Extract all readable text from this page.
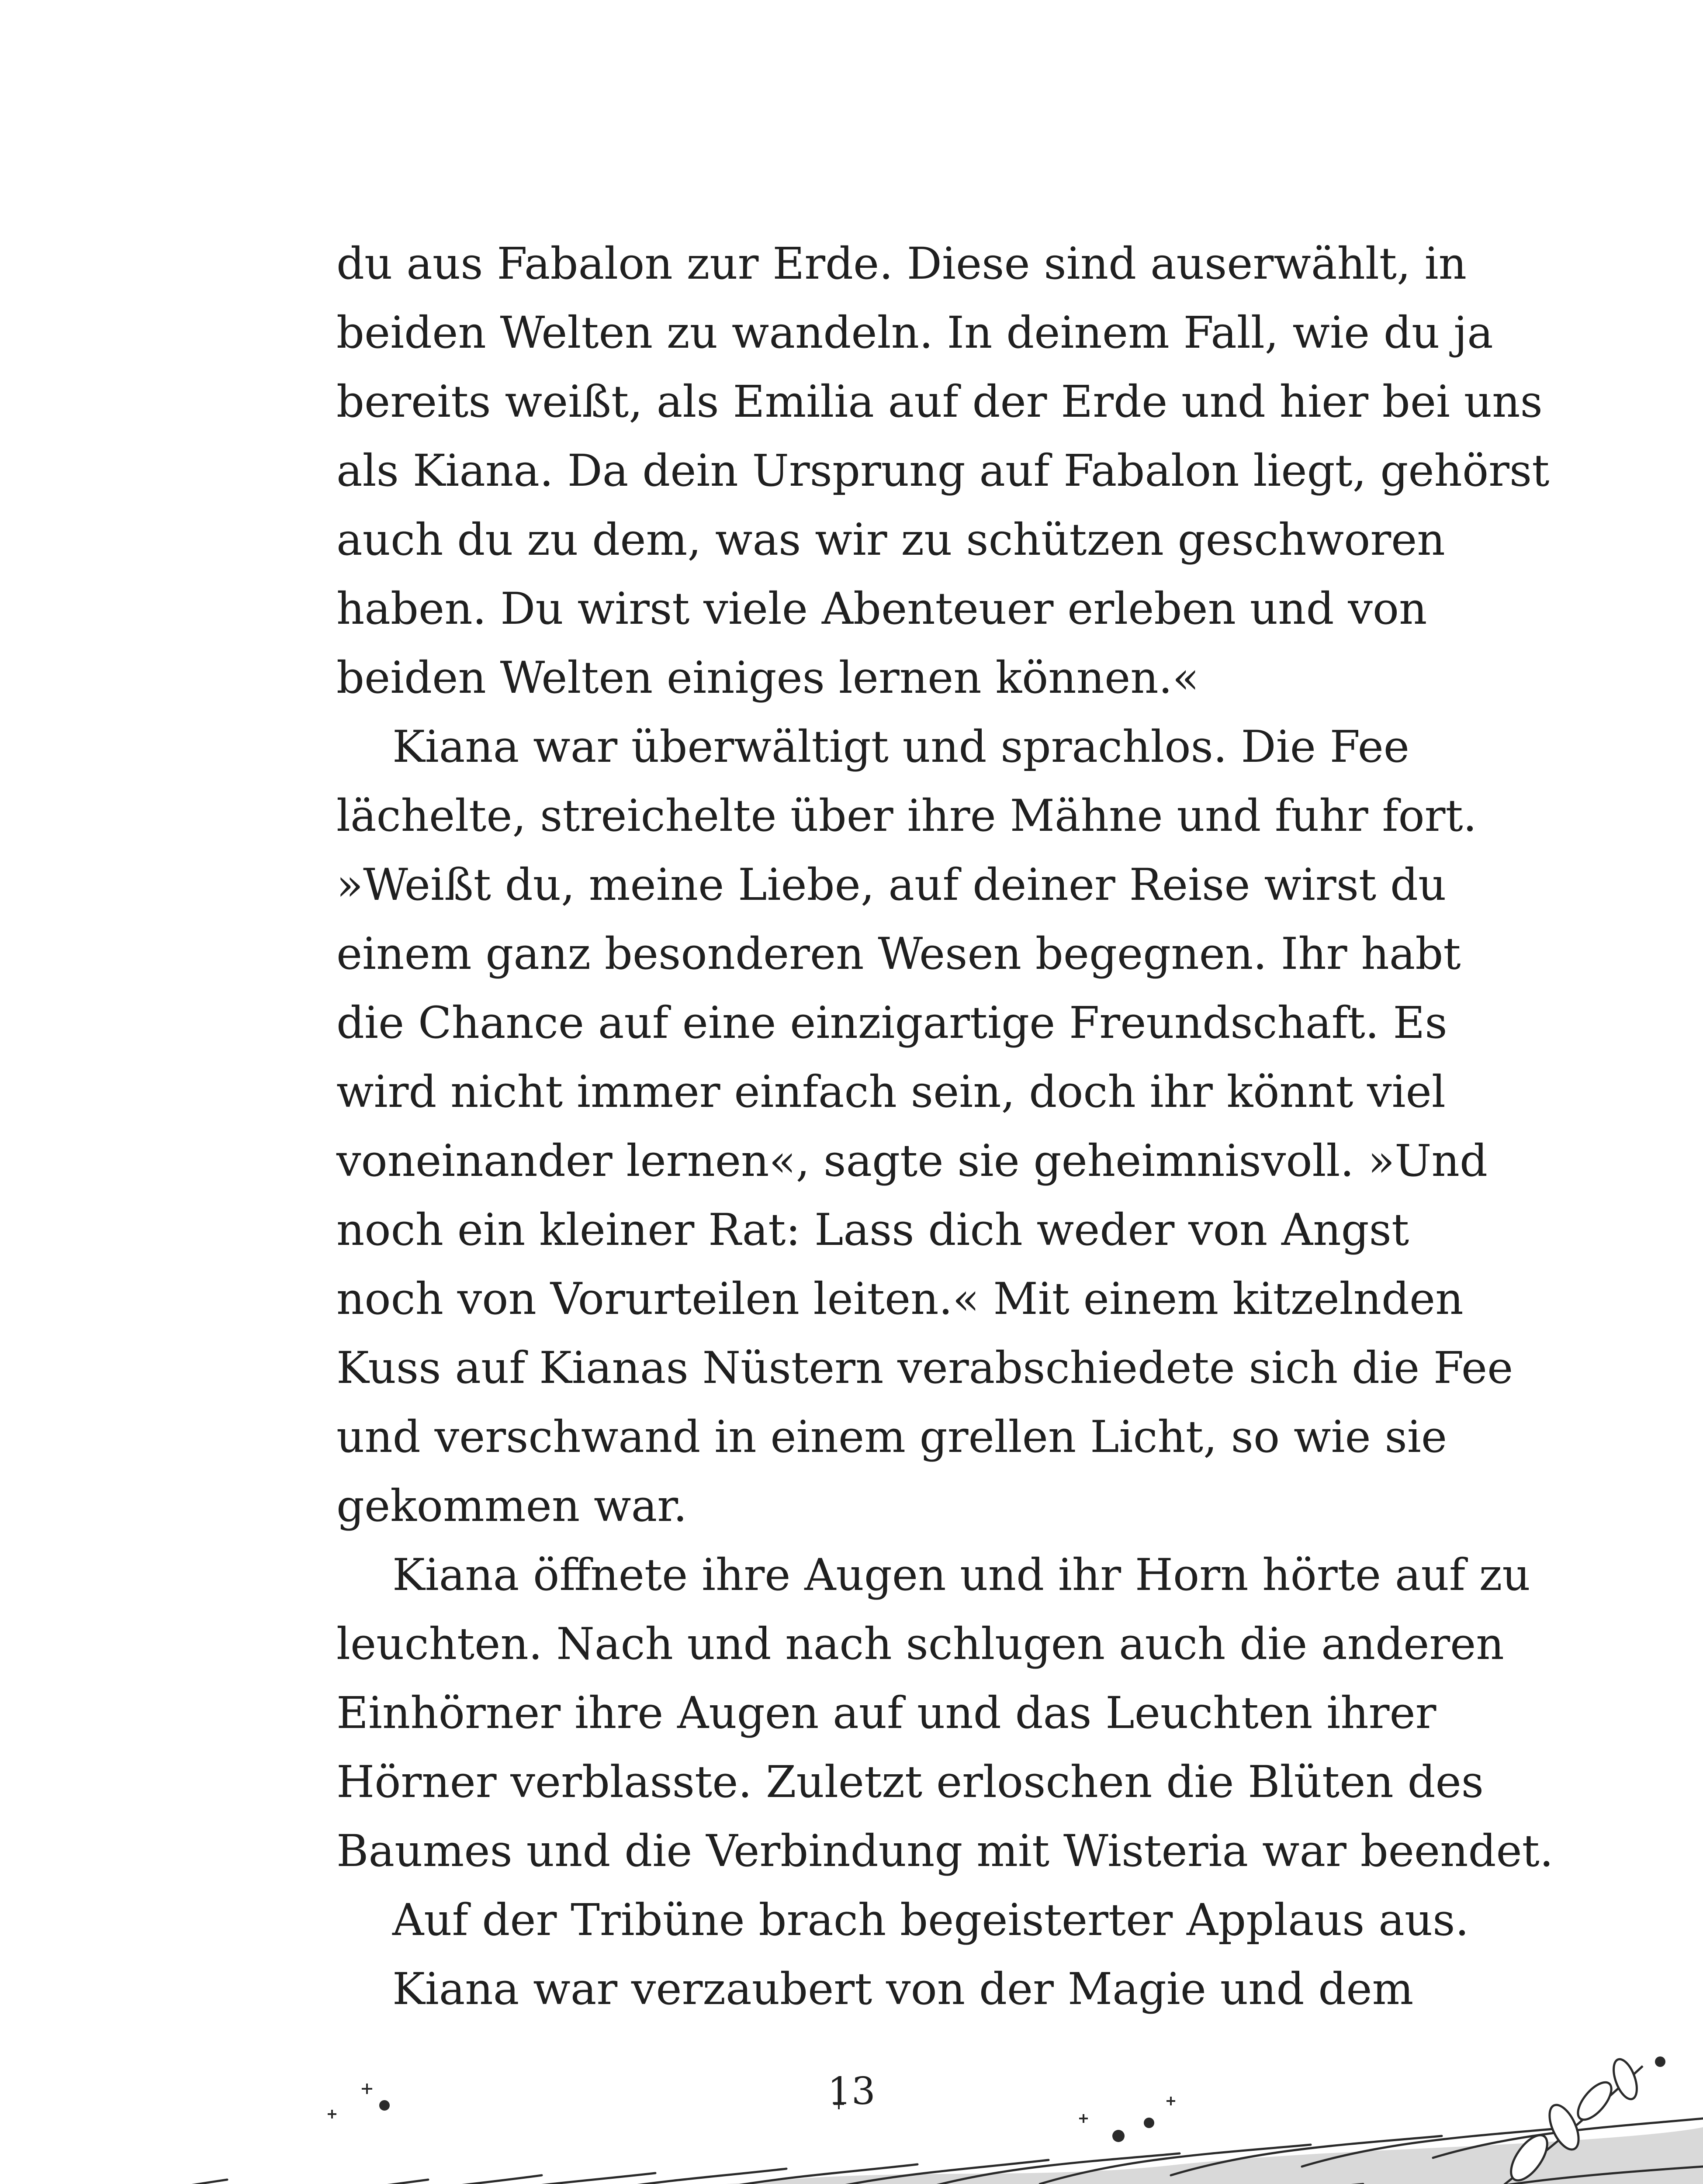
du aus Fabalon zur Erde. Diese sind auserwählt, in
beiden Welten zu wandeln. In deinem Fall, wie du ja
bereits weißt, als Emilia auf der Erde und hier bei uns
als Kiana. Da dein Ursprung auf Fabalon liegt, gehörst
auch du zu dem, was wir zu schützen geschworen
haben. Du wirst viele Abenteuer erleben und von
beiden Welten einiges lernen können.«
Kiana war überwältigt und sprachlos. Die Fee
lächelte, streichelte über ihre Mähne und fuhr fort.
»Weißt du, meine Liebe, auf deiner Reise wirst du
einem ganz besonderen Wesen begegnen. Ihr habt
die Chance auf eine einzigartige Freundschaft. Es
wird nicht immer einfach sein, doch ihr könnt viel
voneinander lernen«, sagte sie geheimnisvoll. »Und
noch ein kleiner Rat: Lass dich weder von Angst
noch von Vorurteilen leiten.« Mit einem kitzelnden
Kuss auf Kianas Nüstern verabschiedete sich die Fee
und verschwand in einem grellen Licht, so wie sie
gekommen war.
Kiana öffnete ihre Augen und ihr Horn hörte auf zu
leuchten. Nach und nach schlugen auch die anderen
Einhörner ihre Augen auf und das Leuchten ihrer
Hörner verblasste. Zuletzt erloschen die Blüten des
Baumes und die Verbindung mit Wisteria war beendet.
Auf der Tribüne brach begeisterter Applaus aus.
Kiana war verzaubert von der Magie und dem
13
